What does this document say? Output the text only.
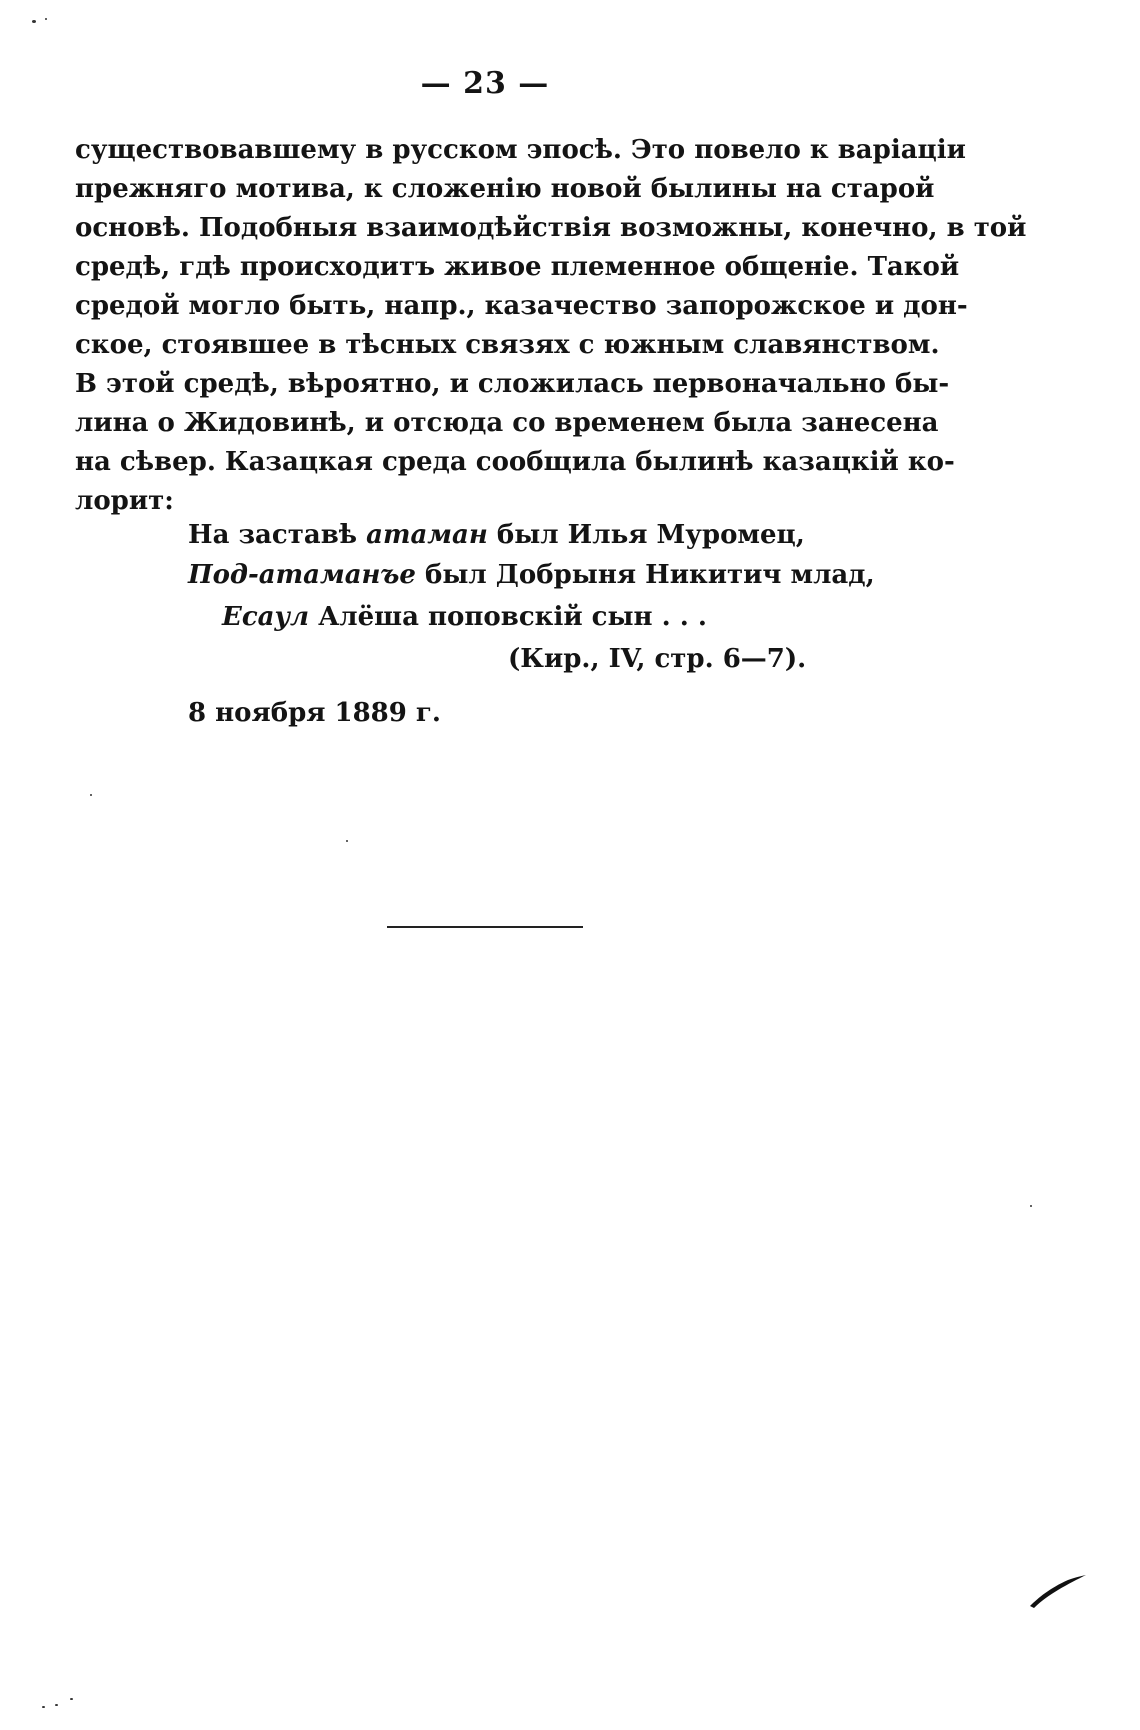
— 23 —
существовавшему в русском эпосѣ. Это повело к варіаціи
прежняго мотива, к сложенію новой былины на старой
основѣ. Подобныя взаимодѣйствія возможны, конечно, в той
средѣ, гдѣ происходитъ живое племенное общеніе. Такой
средой могло быть, напр., казачество запорожское и дон-
ское, стоявшее в тѣсных связях с южным славянством.
В этой средѣ, вѣроятно, и сложилась первоначально бы-
лина о Жидовинѣ, и отсюда со временем была занесена
на сѣвер. Казацкая среда сообщила былинѣ казацкій ко-
лорит:
На заставѣ атаман был Илья Муромец,
Под-атаманъе был Добрыня Никитич млад,
Есаул Алёша поповскій сын . . .
(Кир., IV, стр. 6—7).
8 ноября 1889 г.
